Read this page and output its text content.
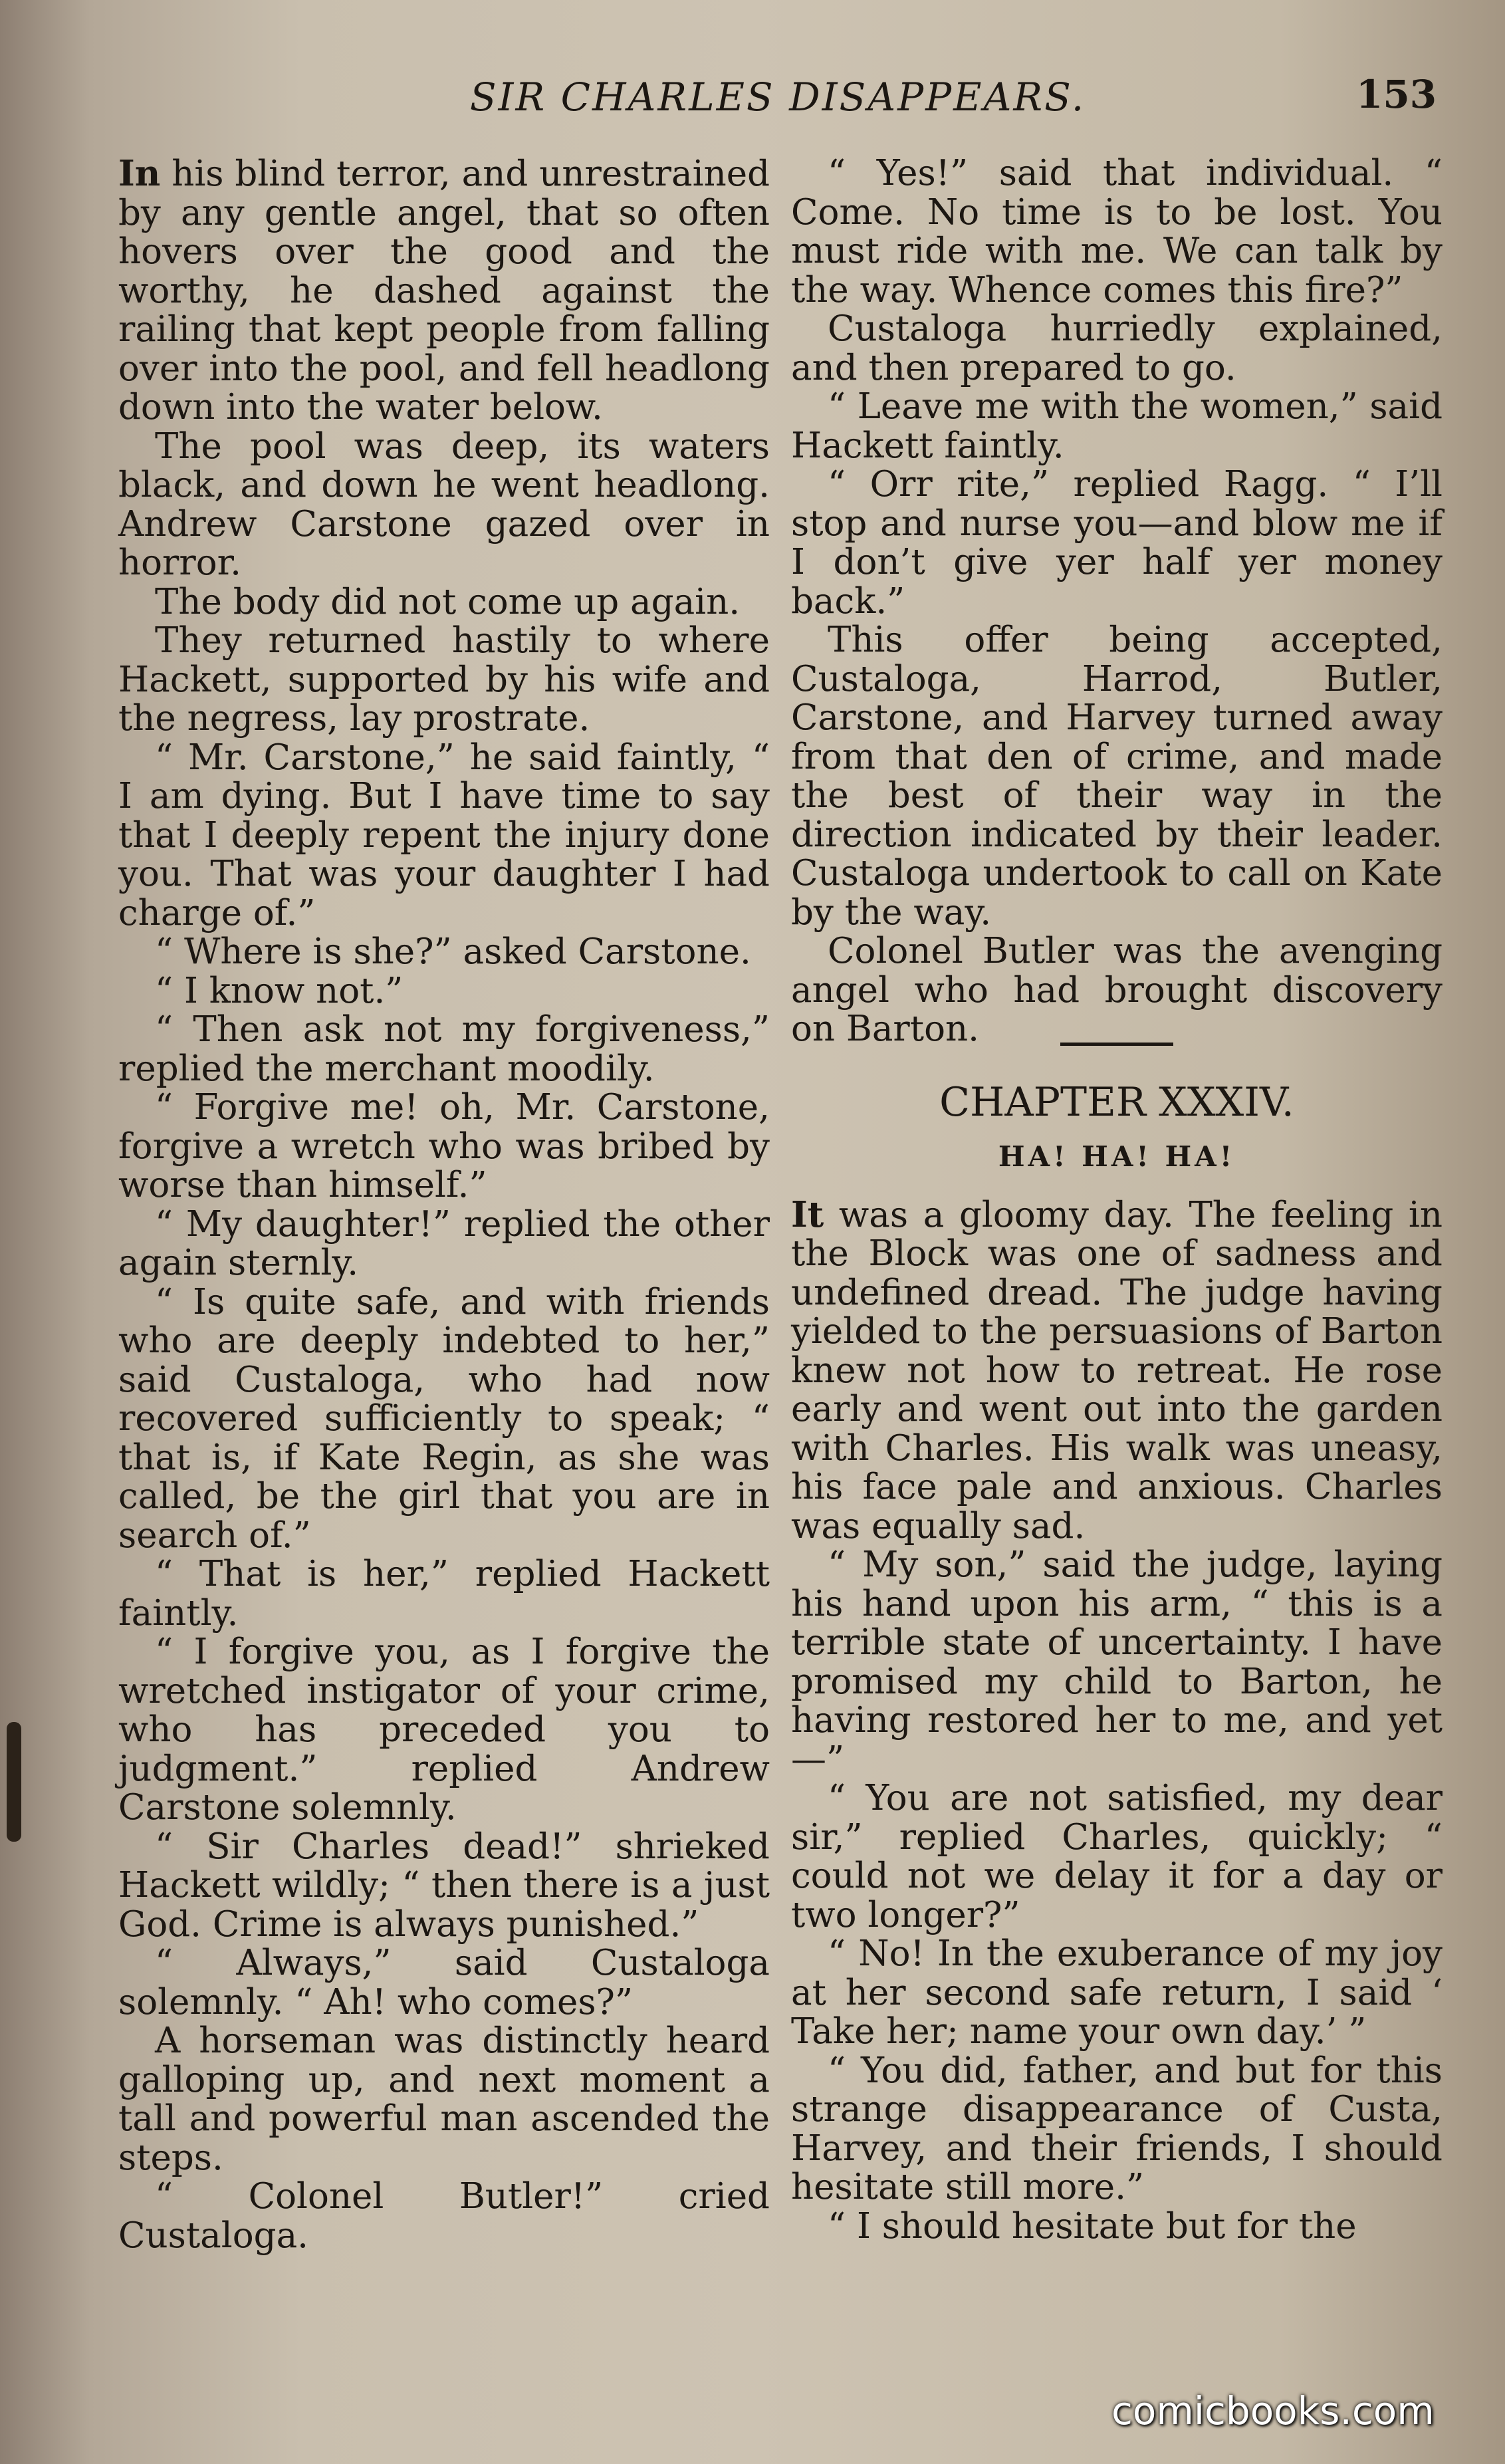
SIR CHARLES DISAPPEARS.	153

In his blind terror, and unrestrained by any gentle angel, that so often hovers over the good and the worthy, he dashed against the railing that kept people from falling over into the pool, and fell headlong down into the water below.

The pool was deep, its waters black, and down he went headlong. Andrew Carstone gazed over in horror.

The body did not come up again.

They returned hastily to where Hackett, supported by his wife and the negress, lay prostrate.

“ Mr. Carstone,” he said faintly, “ I am dying. But I have time to say that I deeply repent the injury done you. That was your daughter I had charge of.”

“ Where is she?” asked Carstone.

“ I know not.”

“ Then ask not my forgiveness,” replied the merchant moodily.

“ Forgive me! oh, Mr. Carstone, forgive a wretch who was bribed by worse than himself.”

“ My daughter!” replied the other again sternly.

“ Is quite safe, and with friends who are deeply indebted to her,” said Custaloga, who had now recovered sufficiently to speak; “ that is, if Kate Regin, as she was called, be the girl that you are in search of.”

“ That is her,” replied Hackett faintly.

“ I forgive you, as I forgive the wretched instigator of your crime, who has preceded you to judgment.” replied Andrew Carstone solemnly.

“ Sir Charles dead!” shrieked Hackett wildly; “ then there is a just God. Crime is always punished.”

“ Always,” said Custaloga solemnly. “ Ah! who comes?”

A horseman was distinctly heard galloping up, and next moment a tall and powerful man ascended the steps.

“ Colonel Butler!” cried Custaloga.

“ Yes!” said that individual. “ Come. No time is to be lost. You must ride with me. We can talk by the way. Whence comes this fire?”

Custaloga hurriedly explained, and then prepared to go.

“ Leave me with the women,” said Hackett faintly.

“ Orr rite,” replied Ragg. “ I’ll stop and nurse you—and blow me if I don’t give yer half yer money back.”

This offer being accepted, Custaloga, Harrod, Butler, Carstone, and Harvey turned away from that den of crime, and made the best of their way in the direction indicated by their leader. Custaloga undertook to call on Kate by the way.

Colonel Butler was the avenging angel who had brought discovery on Barton.

CHAPTER XXXIV.
HA! HA! HA!

It was a gloomy day. The feeling in the Block was one of sadness and undefined dread. The judge having yielded to the persuasions of Barton knew not how to retreat. He rose early and went out into the garden with Charles. His walk was uneasy, his face pale and anxious. Charles was equally sad.

“ My son,” said the judge, laying his hand upon his arm, “ this is a terrible state of uncertainty. I have promised my child to Barton, he having restored her to me, and yet—”

“ You are not satisfied, my dear sir,” replied Charles, quickly; “ could not we delay it for a day or two longer?”

“ No! In the exuberance of my joy at her second safe return, I said ‘ Take her; name your own day.’ ”

“ You did, father, and but for this strange disappearance of Custa, Harvey, and their friends, I should hesitate still more.”

“ I should hesitate but for the

comicbooks.com
